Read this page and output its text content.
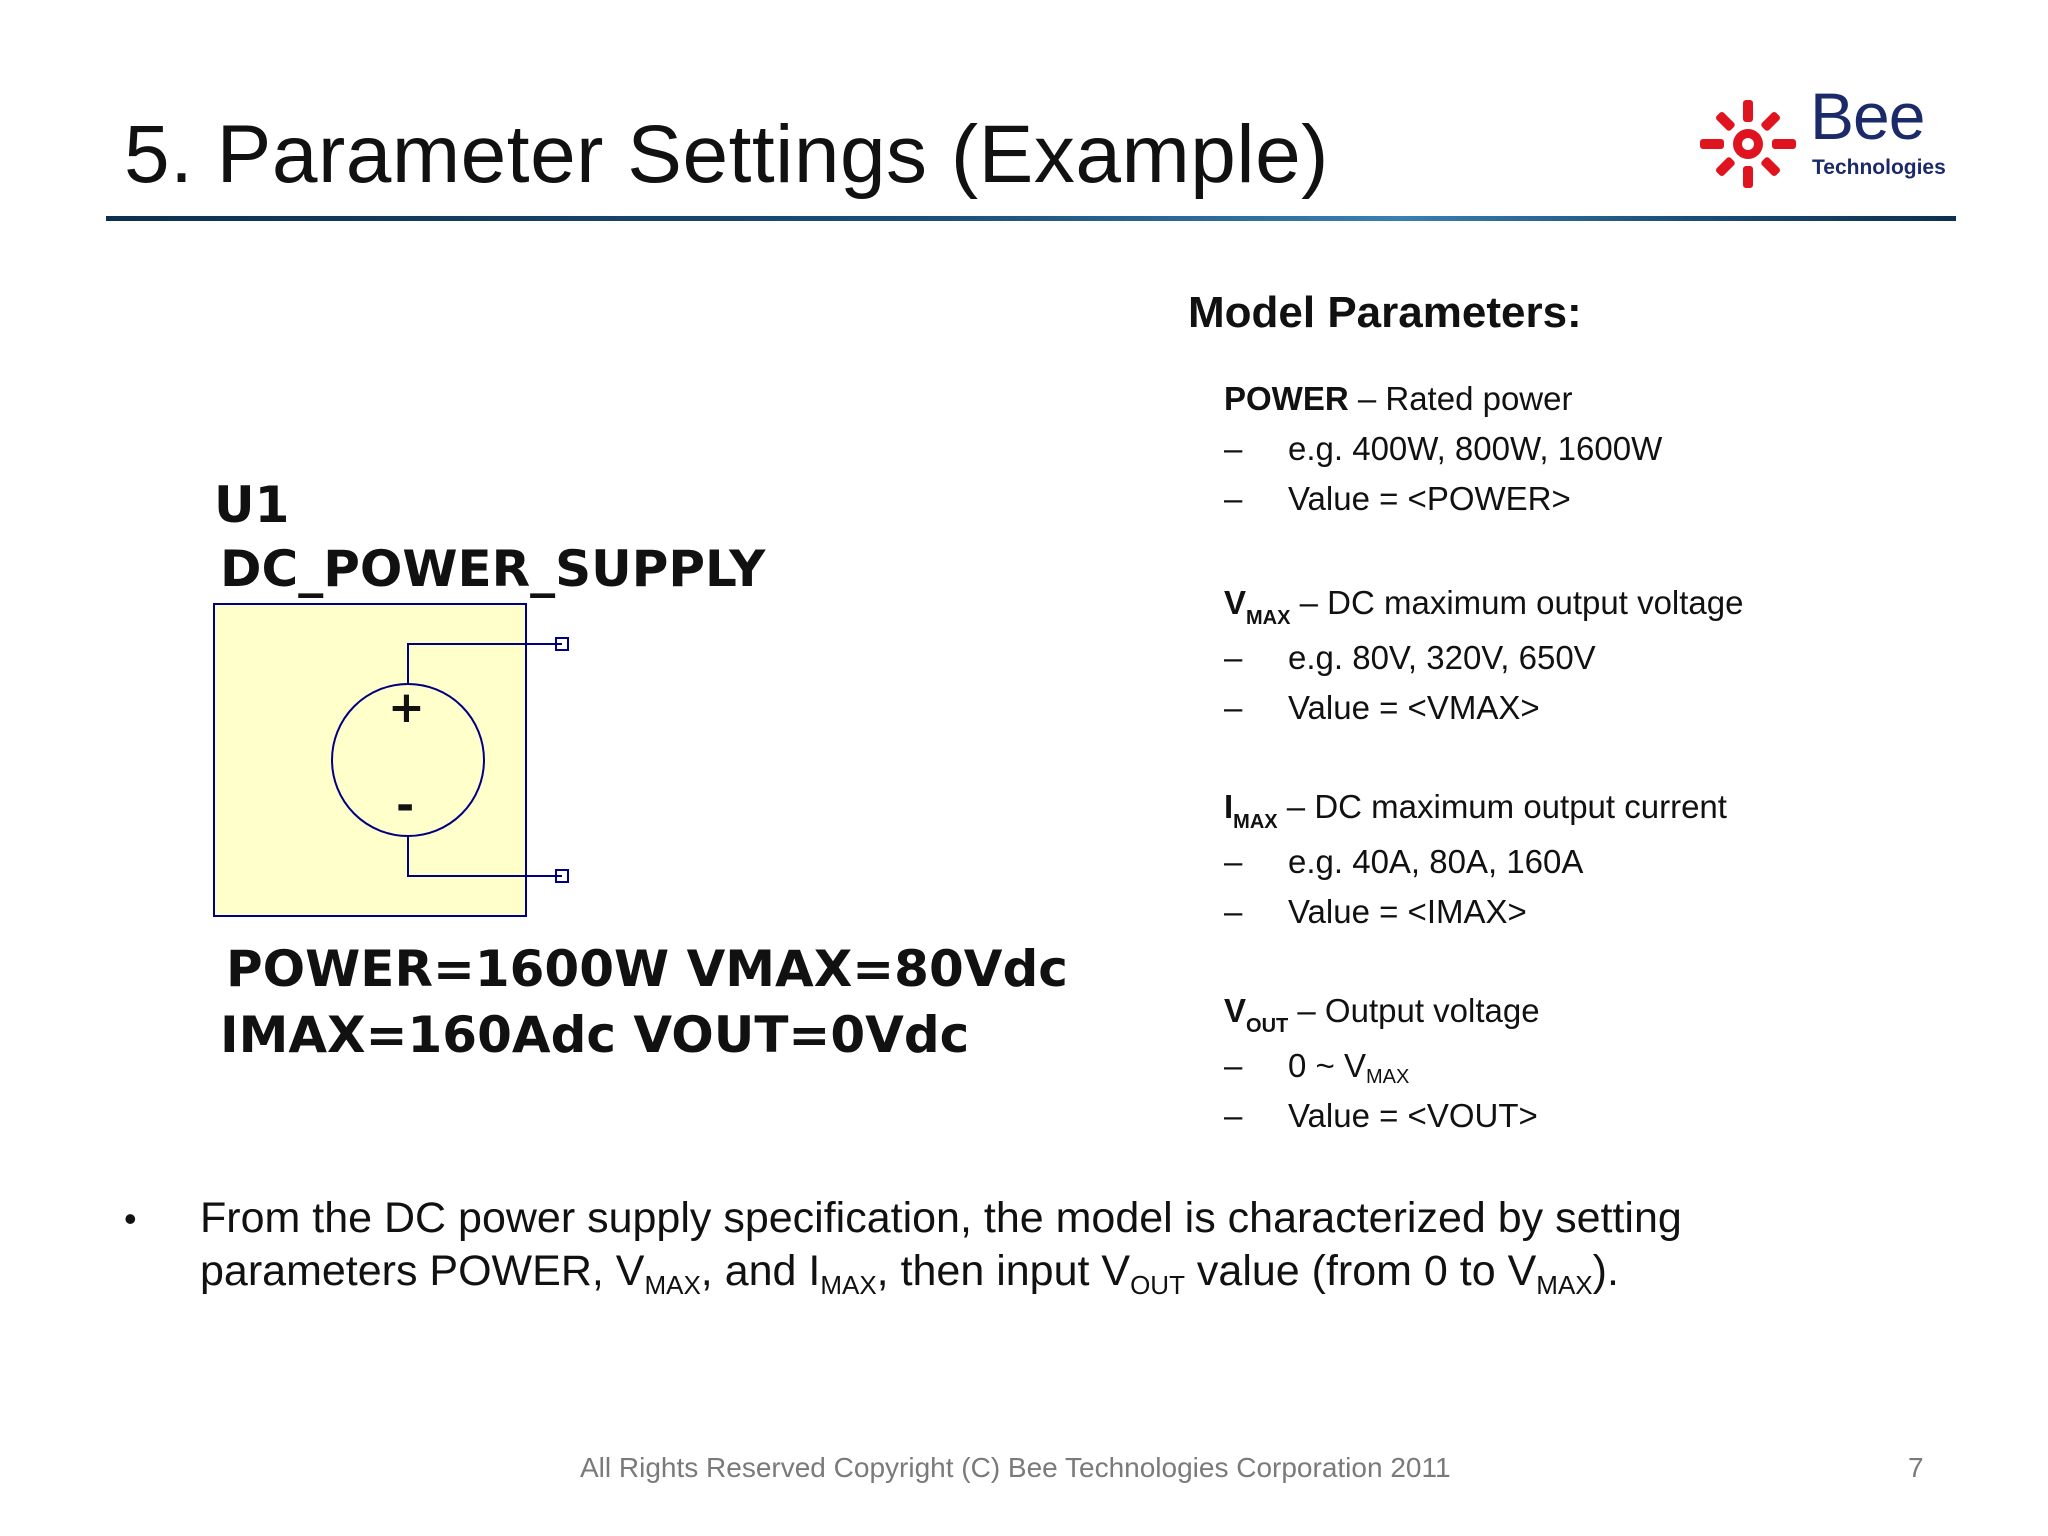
5. Parameter Settings (Example)	Bee
Technologies
+
-
U1
DC_POWER_SUPPLY
POWER=1600W VMAX=80Vdc
IMAX=160Adc VOUT=0Vdc
Model Parameters:
POWER – Rated power
– e.g. 400W, 800W, 1600W
– Value = <POWER>
$V_{MAX}$ – DC maximum output voltage
– e.g. 80V, 320V, 650V
– Value = <VMAX>
$I_{MAX}$ – DC maximum output current
– e.g. 40A, 80A, 160A
– Value = <IMAX>
$V_{OUT}$ – Output voltage
– 0 ~ $V_{MAX}$
– Value = <VOUT>
• From the DC power supply specification, the model is characterized by setting parameters POWER, $V_{MAX}$, and $I_{MAX}$, then input $V_{OUT}$ value (from 0 to $V_{MAX}$).
All Rights Reserved Copyright (C) Bee Technologies Corporation 2011	7
